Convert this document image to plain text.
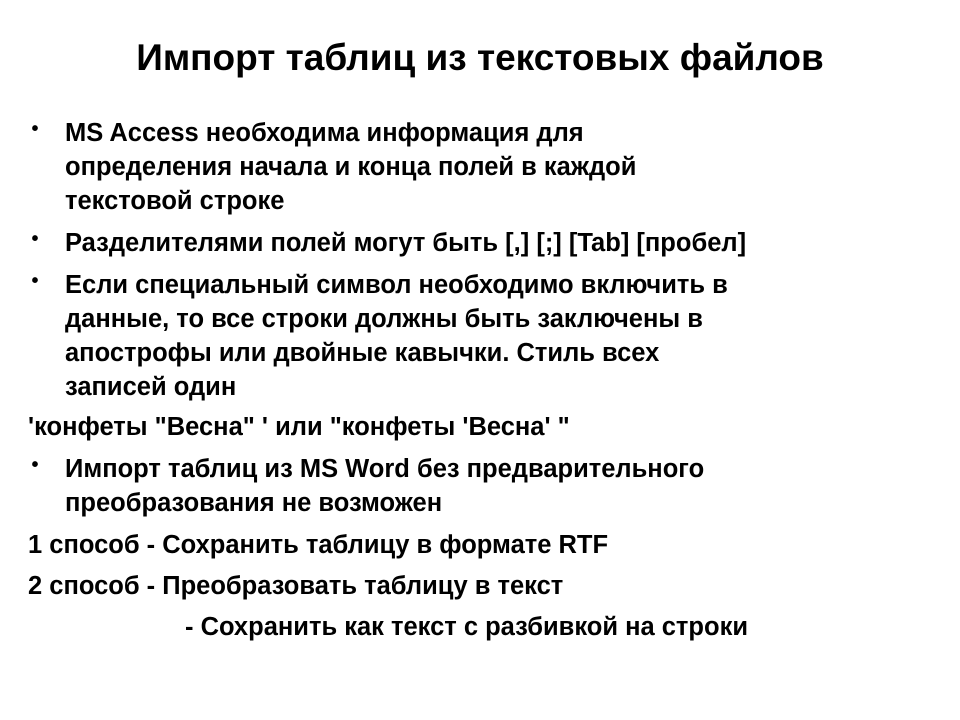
Импорт таблиц из текстовых файлов
• MS Access необходима информация для
определения начала и конца полей в каждой
текстовой строке
• Разделителями полей могут быть [,] [;] [Tab] [пробел]
• Если специальный символ необходимо включить в
данные, то все строки должны быть заключены в
апострофы или двойные кавычки. Стиль всех
записей один
'конфеты "Весна" ' или "конфеты 'Весна' "
• Импорт таблиц из MS Word без предварительного
преобразования не возможен
1 способ - Сохранить таблицу в формате RTF
2 способ - Преобразовать таблицу в текст
- Сохранить как текст с разбивкой на строки
